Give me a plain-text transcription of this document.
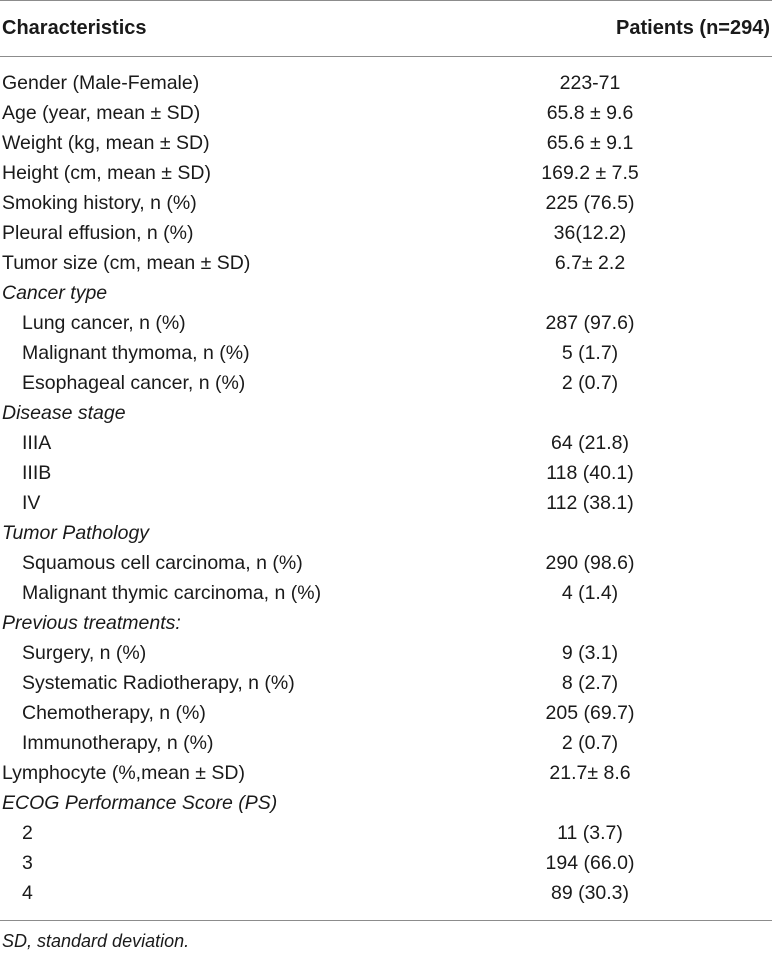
Characteristics	Patients (n=294)
Gender (Male-Female)	223-71
Age (year, mean ± SD)	65.8 ± 9.6
Weight (kg, mean ± SD)	65.6 ± 9.1
Height (cm, mean ± SD)	169.2 ± 7.5
Smoking history, n (%)	225 (76.5)
Pleural effusion, n (%)	36(12.2)
Tumor size (cm, mean ± SD)	6.7± 2.2
Cancer type
Lung cancer, n (%)	287 (97.6)
Malignant thymoma, n (%)	5 (1.7)
Esophageal cancer, n (%)	2 (0.7)
Disease stage
IIIA	64 (21.8)
IIIB	118 (40.1)
IV	112 (38.1)
Tumor Pathology
Squamous cell carcinoma, n (%)	290 (98.6)
Malignant thymic carcinoma, n (%)	4 (1.4)
Previous treatments:
Surgery, n (%)	9 (3.1)
Systematic Radiotherapy, n (%)	8 (2.7)
Chemotherapy, n (%)	205 (69.7)
Immunotherapy, n (%)	2 (0.7)
Lymphocyte (%,mean ± SD)	21.7± 8.6
ECOG Performance Score (PS)
2	11 (3.7)
3	194 (66.0)
4	89 (30.3)
SD, standard deviation.
